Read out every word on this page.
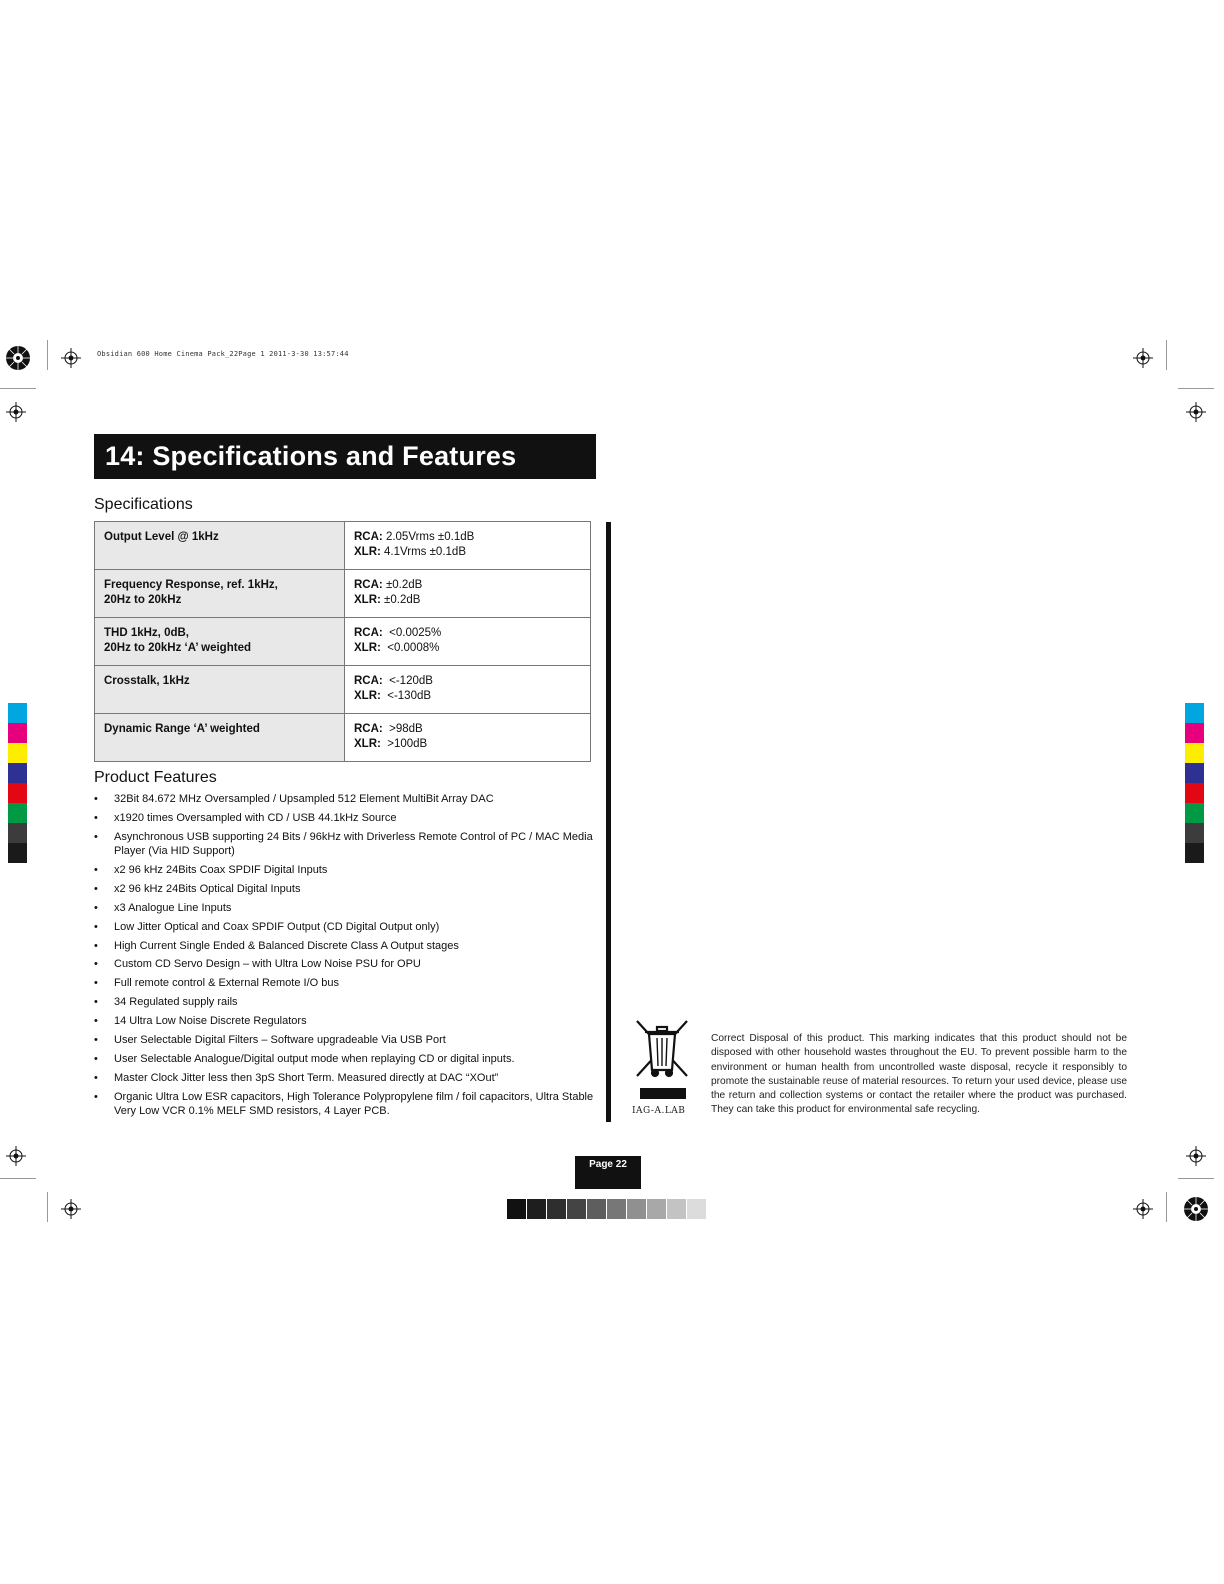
Obsidian 600 Home Cinema Pack_22Page 1 2011-3-30 13:57:44
14: Specifications and Features
Specifications
Output Level @ 1kHz	RCA: 2.05Vrms ±0.1dB
XLR: 4.1Vrms ±0.1dB
Frequency Response, ref. 1kHz,
20Hz to 20kHz	RCA: ±0.2dB
XLR: ±0.2dB
THD 1kHz, 0dB,
20Hz to 20kHz ‘A’ weighted	RCA:  <0.0025%
XLR:  <0.0008%
Crosstalk, 1kHz	RCA:  <-120dB
XLR:  <-130dB
Dynamic Range ‘A’ weighted	RCA:  >98dB
XLR:  >100dB
Product Features
• 32Bit 84.672 MHz Oversampled / Upsampled 512 Element MultiBit Array DAC
• x1920 times Oversampled with CD / USB 44.1kHz Source
• Asynchronous USB supporting 24 Bits / 96kHz with Driverless Remote Control of PC / MAC Media Player (Via HID Support)
• x2 96 kHz 24Bits Coax SPDIF Digital Inputs
• x2 96 kHz 24Bits Optical Digital Inputs
• x3 Analogue Line Inputs
• Low Jitter Optical and Coax SPDIF Output (CD Digital Output only)
• High Current Single Ended & Balanced Discrete Class A Output stages
• Custom CD Servo Design – with Ultra Low Noise PSU for OPU
• Full remote control & External Remote I/O bus
• 34 Regulated supply rails
• 14 Ultra Low Noise Discrete Regulators
• User Selectable Digital Filters – Software upgradeable Via USB Port
• User Selectable Analogue/Digital output mode when replaying CD or digital inputs.
• Master Clock Jitter less then 3pS Short Term. Measured directly at DAC “XOut”
• Organic Ultra Low ESR capacitors, High Tolerance Polypropylene film / foil capacitors, Ultra Stable Very Low VCR 0.1% MELF SMD resistors, 4 Layer PCB.	IAG-A.LAB
Correct Disposal of this product. This marking indicates that this product should not be disposed with other household wastes throughout the EU. To prevent possible harm to the environment or human health from uncontrolled waste disposal, recycle it responsibly to promote the sustainable reuse of material resources. To return your used device, please use the return and collection systems or contact the retailer where the product was purchased. They can take this product for environmental safe recycling.
Page 22
